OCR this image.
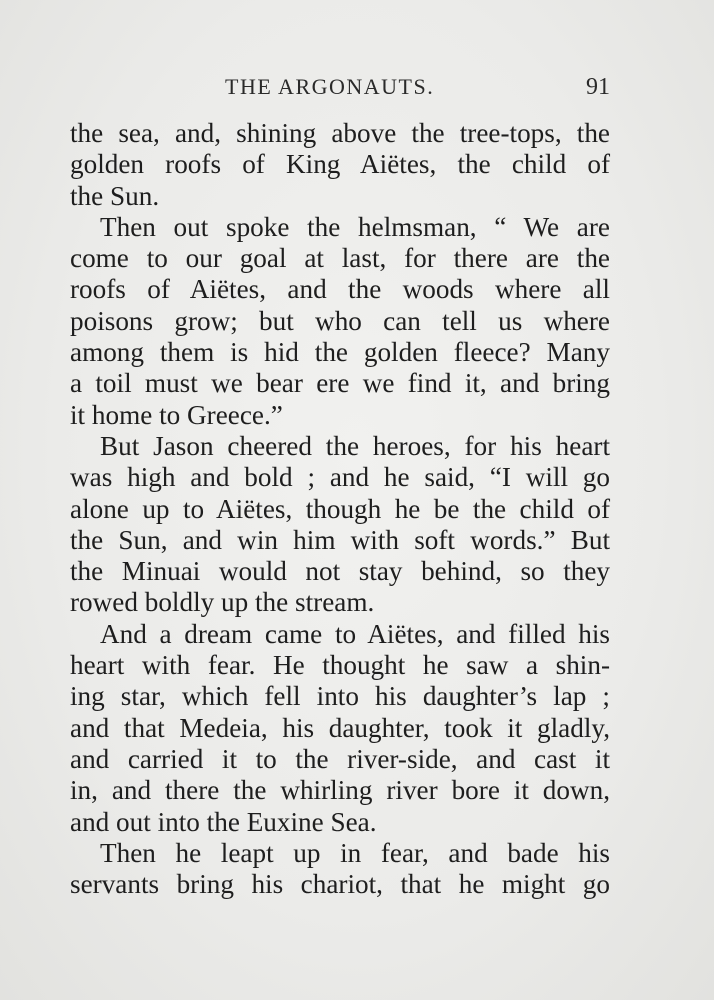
THE ARGONAUTS.	91
the sea, and, shining above the tree-tops, the
golden roofs of King Aiëtes, the child of
the Sun.
Then out spoke the helmsman, “ We are
come to our goal at last, for there are the
roofs of Aiëtes, and the woods where all
poisons grow; but who can tell us where
among them is hid the golden fleece? Many
a toil must we bear ere we find it, and bring
it home to Greece.”
But Jason cheered the heroes, for his heart
was high and bold ; and he said, “I will go
alone up to Aiëtes, though he be the child of
the Sun, and win him with soft words.” But
the Minuai would not stay behind, so they
rowed boldly up the stream.
And a dream came to Aiëtes, and filled his
heart with fear. He thought he saw a shin-
ing star, which fell into his daughter’s lap ;
and that Medeia, his daughter, took it gladly,
and carried it to the river-side, and cast it
in, and there the whirling river bore it down,
and out into the Euxine Sea.
Then he leapt up in fear, and bade his
servants bring his chariot, that he might go
